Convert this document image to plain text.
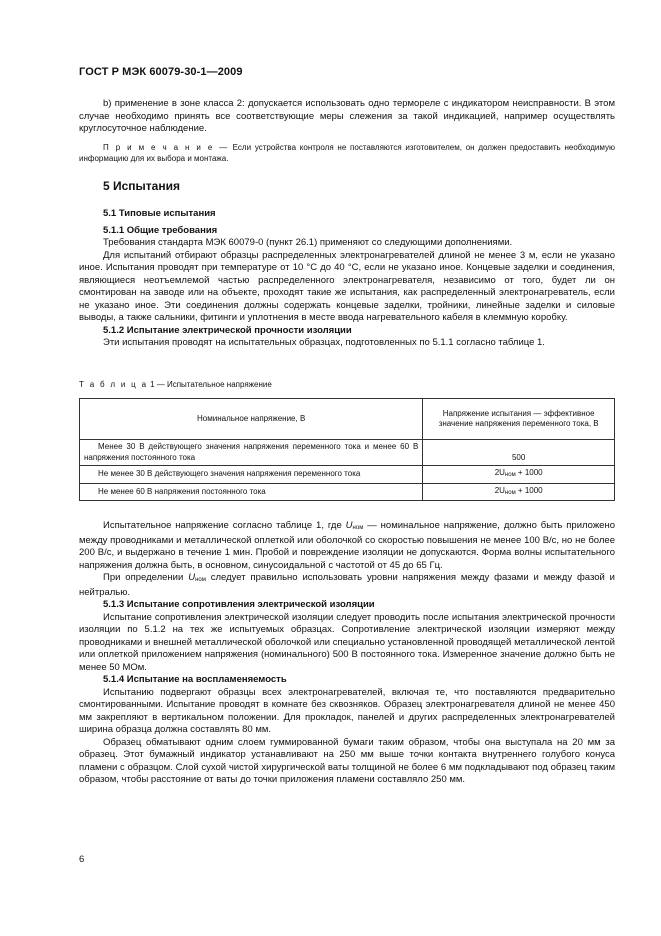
ГОСТ Р МЭК 60079-30-1—2009

b) применение в зоне класса 2: допускается использовать одно термореле с индикатором неисправности. В этом случае необходимо принять все соответствующие меры слежения за такой индикацией, например осуществлять круглосуточное наблюдение.

П р и м е ч а н и е — Если устройства контроля не поставляются изготовителем, он должен предоставить необходимую информацию для их выбора и монтажа.

5 Испытания

5.1 Типовые испытания

5.1.1 Общие требования

Требования стандарта МЭК 60079-0 (пункт 26.1) применяют со следующими дополнениями.

Для испытаний отбирают образцы распределенных электронагревателей длиной не менее 3 м, если не указано иное. Испытания проводят при температуре от 10 °С до 40 °С, если не указано иное. Концевые заделки и соединения, являющиеся неотъемлемой частью распределенного электронагревателя, независимо от того, будет ли он смонтирован на заводе или на объекте, проходят такие же испытания, как распределенный электронагреватель, если не указано иное. Эти соединения должны содержать концевые заделки, тройники, линейные заделки и силовые выводы, а также сальники, фитинги и уплотнения в месте ввода нагревательного кабеля в клеммную коробку.

5.1.2 Испытание электрической прочности изоляции

Эти испытания проводят на испытательных образцах, подготовленных по 5.1.1 согласно таблице 1.

Т а б л и ц а 1 — Испытательное напряжение
Номинальное напряжение, В	Напряжение испытания — эффективное значение напряжения переменного тока, В
Менее 30 В действующего значения напряжения переменного тока и менее 60 В напряжения постоянного тока	500
Не менее 30 В действующего значения напряжения переменного тока	2Uном + 1000
Не менее 60 В напряжения постоянного тока	2Uном + 1000

Испытательное напряжение согласно таблице 1, где Uном — номинальное напряжение, должно быть приложено между проводниками и металлической оплеткой или оболочкой со скоростью повышения не менее 100 В/с, но не более 200 В/с, и выдержано в течение 1 мин. Пробой и повреждение изоляции не допускаются. Форма волны испытательного напряжения должна быть, в основном, синусоидальной с частотой от 45 до 65 Гц.

При определении Uном следует правильно использовать уровни напряжения между фазами и между фазой и нейтралью.

5.1.3 Испытание сопротивления электрической изоляции

Испытание сопротивления электрической изоляции следует проводить после испытания электрической прочности изоляции по 5.1.2 на тех же испытуемых образцах. Сопротивление электрической изоляции измеряют между проводниками и внешней металлической оболочкой или специально установленной проводящей металлической лентой или оплеткой приложением напряжения (номинального) 500 В постоянного тока. Измеренное значение должно быть не менее 50 МОм.

5.1.4 Испытание на воспламеняемость

Испытанию подвергают образцы всех электронагревателей, включая те, что поставляются предварительно смонтированными. Испытание проводят в комнате без сквозняков. Образец электронагревателя длиной не менее 450 мм закрепляют в вертикальном положении. Для прокладок, панелей и других распределенных электронагревателей ширина образца должна составлять 80 мм.

Образец обматывают одним слоем гуммированной бумаги таким образом, чтобы она выступала на 20 мм за образец. Этот бумажный индикатор устанавливают на 250 мм выше точки контакта внутреннего голубого конуса пламени с образцом. Слой сухой чистой хирургической ваты толщиной не более 6 мм подкладывают под образец таким образом, чтобы расстояние от ваты до точки приложения пламени составляло 250 мм.

6
